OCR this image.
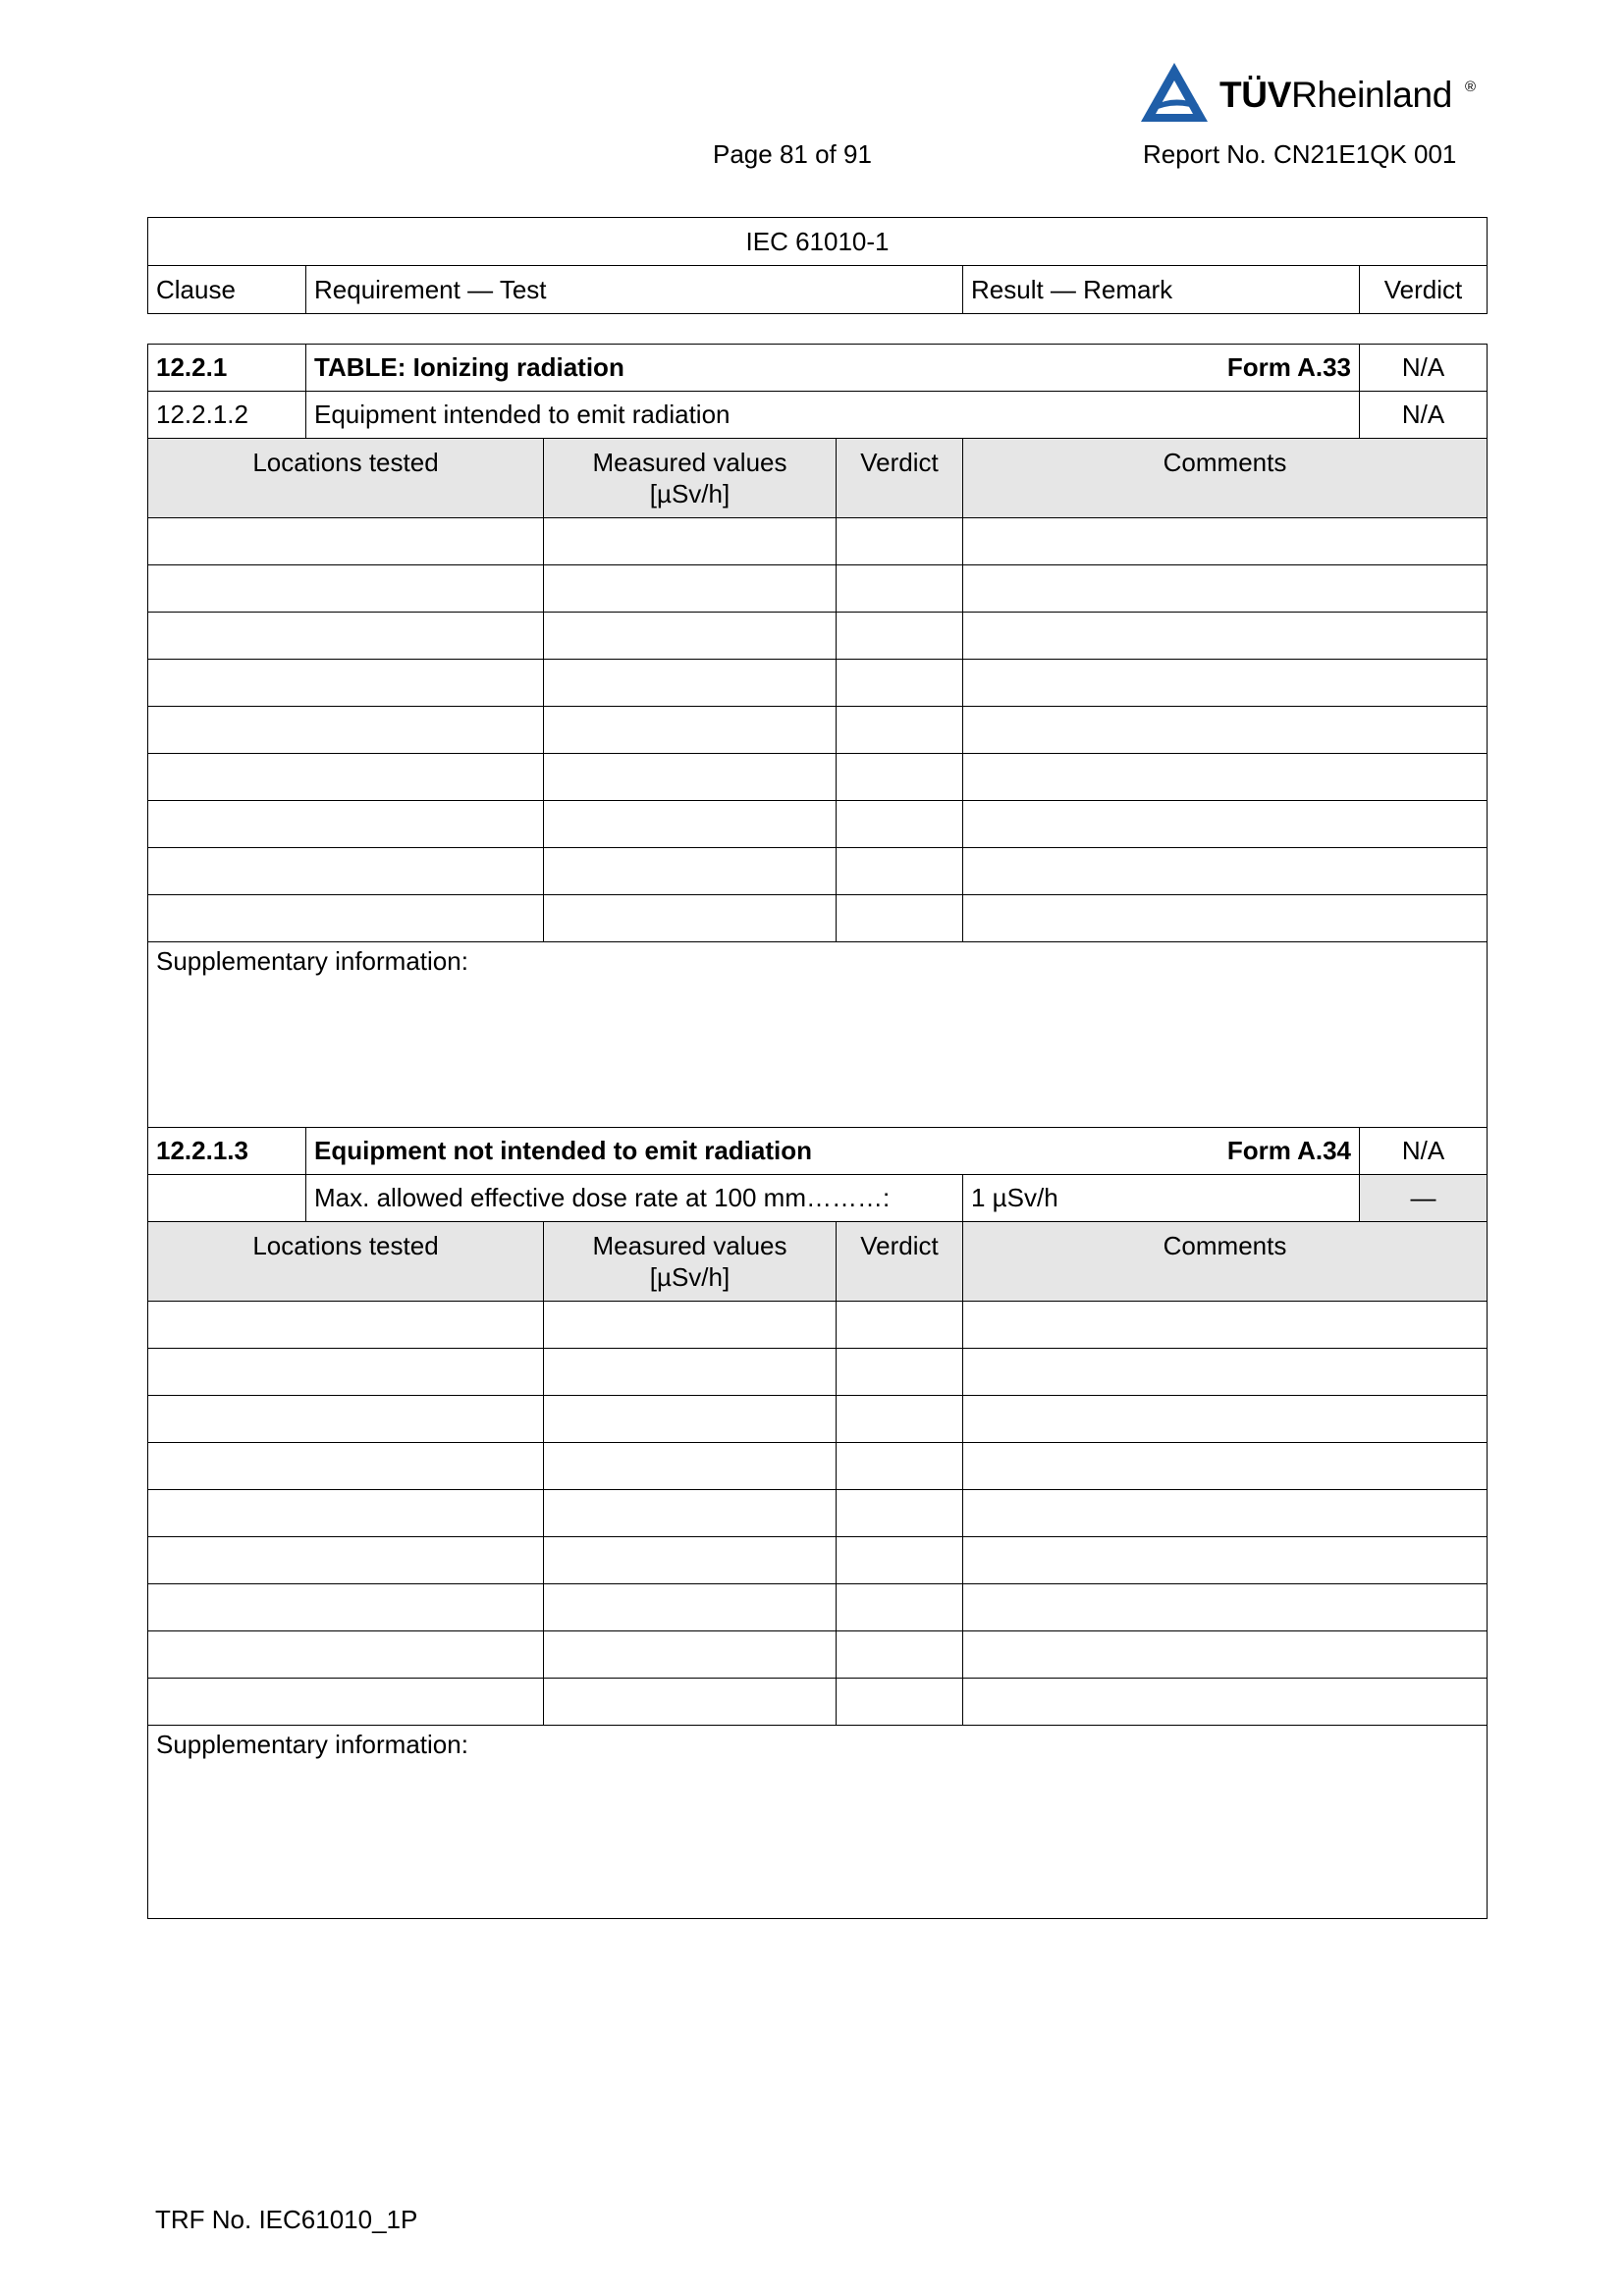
TÜVRheinland ®
Page 81 of 91	Report No. CN21E1QK 001
IEC 61010-1
Clause	Requirement — Test	Result — Remark	Verdict
12.2.1	TABLE: Ionizing radiation Form A.33				N/A
12.2.1.2	Equipment intended to emit radiation				N/A
Locations tested		Measured values [µSv/h]	Verdict	Comments	

Supplementary information:					
12.2.1.3	Equipment not intended to emit radiation Form A.34				N/A
	Max. allowed effective dose rate at 100 mm………:			1 µSv/h	—
Locations tested		Measured values [µSv/h]	Verdict	Comments	

Supplementary information:					
TRF No. IEC61010_1P
